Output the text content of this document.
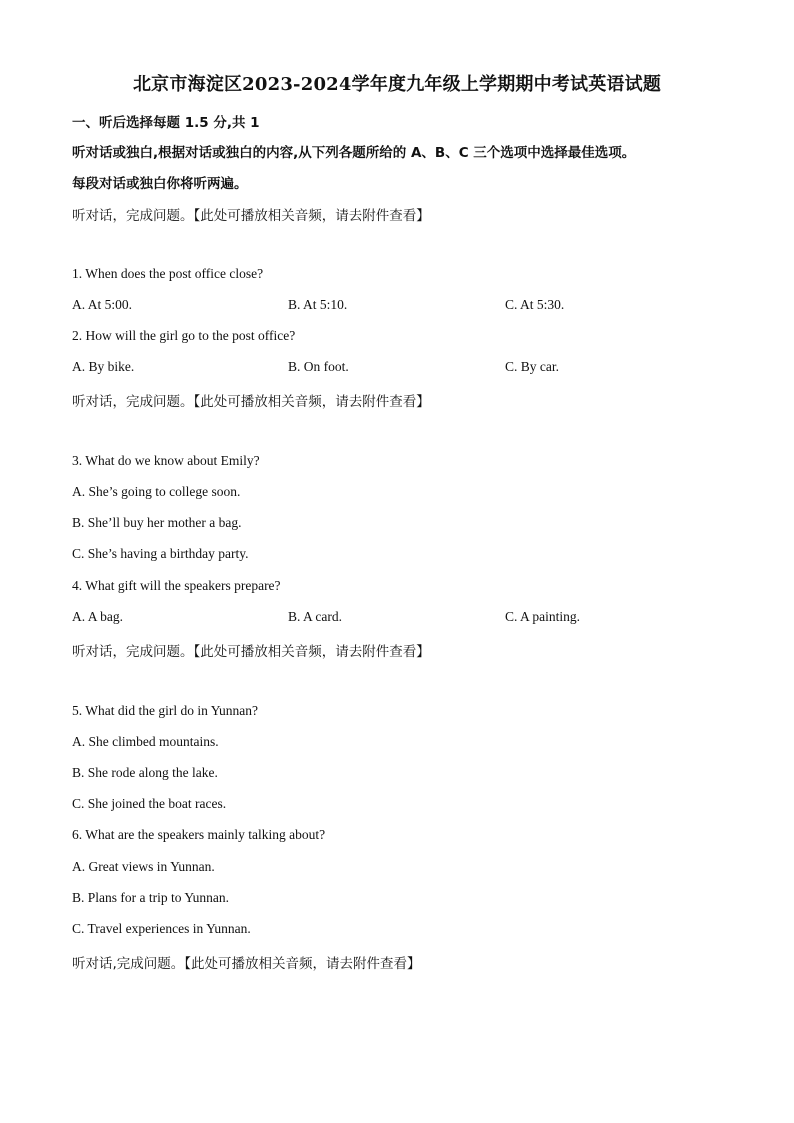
北京市海淀区2023-2024学年度九年级上学期期中考试英语试题
一、听后选择每题 1.5 分,共 1
听对话或独白,根据对话或独白的内容,从下列各题所给的 A、B、C 三个选项中选择最佳选项。
每段对话或独白你将听两遍。
听对话，完成问题。【此处可播放相关音频，请去附件查看】
1. When does the post office close?
A. At 5:00.	B. At 5:10.	C. At 5:30.
2. How will the girl go to the post office?
A. By bike.	B. On foot.	C. By car.
听对话，完成问题。【此处可播放相关音频，请去附件查看】
3. What do we know about Emily?
A. She’s going to college soon.
B. She’ll buy her mother a bag.
C. She’s having a birthday party.
4. What gift will the speakers prepare?
A. A bag.	B. A card.	C. A painting.
听对话，完成问题。【此处可播放相关音频，请去附件查看】
5. What did the girl do in Yunnan?
A. She climbed mountains.
B. She rode along the lake.
C. She joined the boat races.
6. What are the speakers mainly talking about?
A. Great views in Yunnan.
B. Plans for a trip to Yunnan.
C. Travel experiences in Yunnan.
听对话,完成问题。【此处可播放相关音频，请去附件查看】
